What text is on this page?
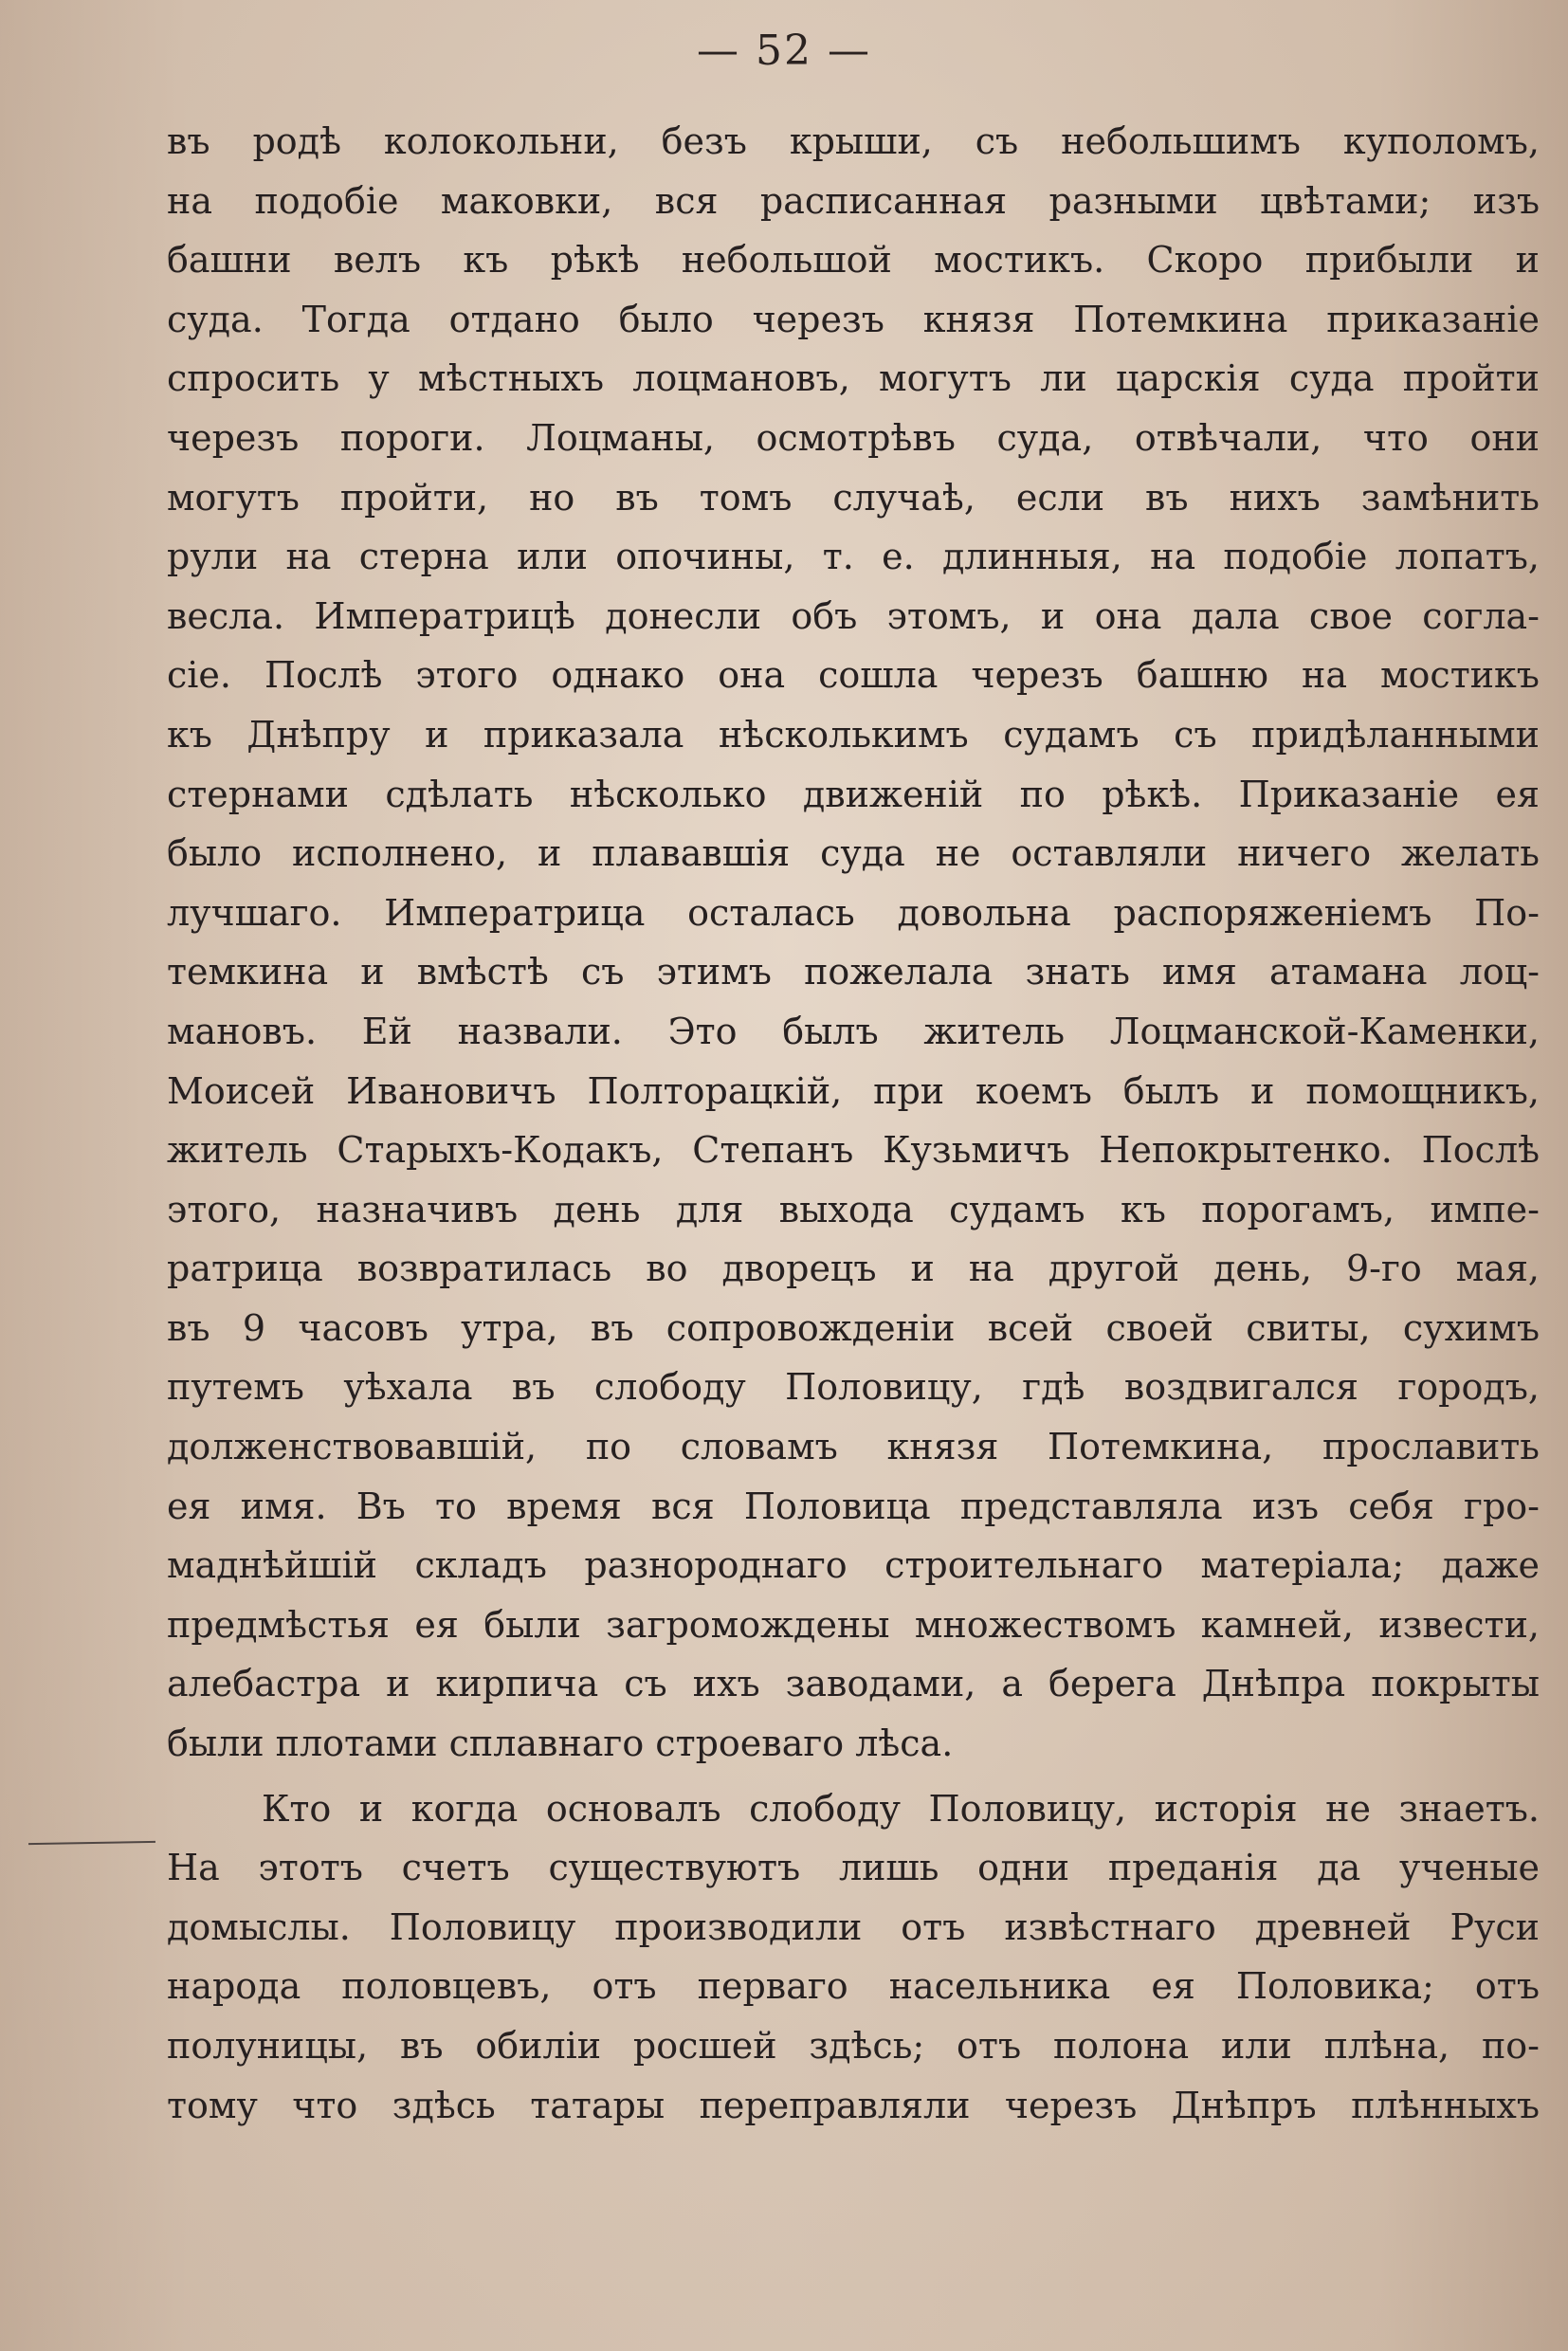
— 52 —
въ родѣ колокольни, безъ крыши, съ небольшимъ куполомъ,
на подобіе маковки, вся расписанная разными цвѣтами; изъ
башни велъ къ рѣкѣ небольшой мостикъ. Скоро прибыли и
суда. Тогда отдано было черезъ князя Потемкина приказаніе
спросить у мѣстныхъ лоцмановъ, могутъ ли царскія суда пройти
черезъ пороги. Лоцманы, осмотрѣвъ суда, отвѣчали, что они
могутъ пройти, но въ томъ случаѣ, если въ нихъ замѣнить
рули на стерна или опочины, т. е. длинныя, на подобіе лопатъ,
весла. Императрицѣ донесли объ этомъ, и она дала свое согла-
сіе. Послѣ этого однако она сошла черезъ башню на мостикъ
къ Днѣпру и приказала нѣсколькимъ судамъ съ придѣланными
стернами сдѣлать нѣсколько движеній по рѣкѣ. Приказаніе ея
было исполнено, и плававшія суда не оставляли ничего желать
лучшаго. Императрица осталась довольна распоряженіемъ По-
темкина и вмѣстѣ съ этимъ пожелала знать имя атамана лоц-
мановъ. Ей назвали. Это былъ житель Лоцманской-Каменки,
Моисей Ивановичъ Полторацкій, при коемъ былъ и помощникъ,
житель Старыхъ-Кодакъ, Степанъ Кузьмичъ Непокрытенко. Послѣ
этого, назначивъ день для выхода судамъ къ порогамъ, импе-
ратрица возвратилась во дворецъ и на другой день, 9-го мая,
въ 9 часовъ утра, въ сопровожденіи всей своей свиты, сухимъ
путемъ уѣхала въ слободу Половицу, гдѣ воздвигался городъ,
долженствовавшій, по словамъ князя Потемкина, прославить
ея имя. Въ то время вся Половица представляла изъ себя гро-
маднѣйшій складъ разнороднаго строительнаго матеріала; даже
предмѣстья ея были загромождены множествомъ камней, извести,
алебастра и кирпича съ ихъ заводами, а берега Днѣпра покрыты
были плотами сплавнаго строеваго лѣса.
Кто и когда основалъ слободу Половицу, исторія не знаетъ.
На этотъ счетъ существуютъ лишь одни преданія да ученые
домыслы. Половицу производили отъ извѣстнаго древней Руси
народа половцевъ, отъ перваго насельника ея Половика; отъ
полуницы, въ обиліи росшей здѣсь; отъ полона или плѣна, по-
тому что здѣсь татары переправляли черезъ Днѣпръ плѣнныхъ
